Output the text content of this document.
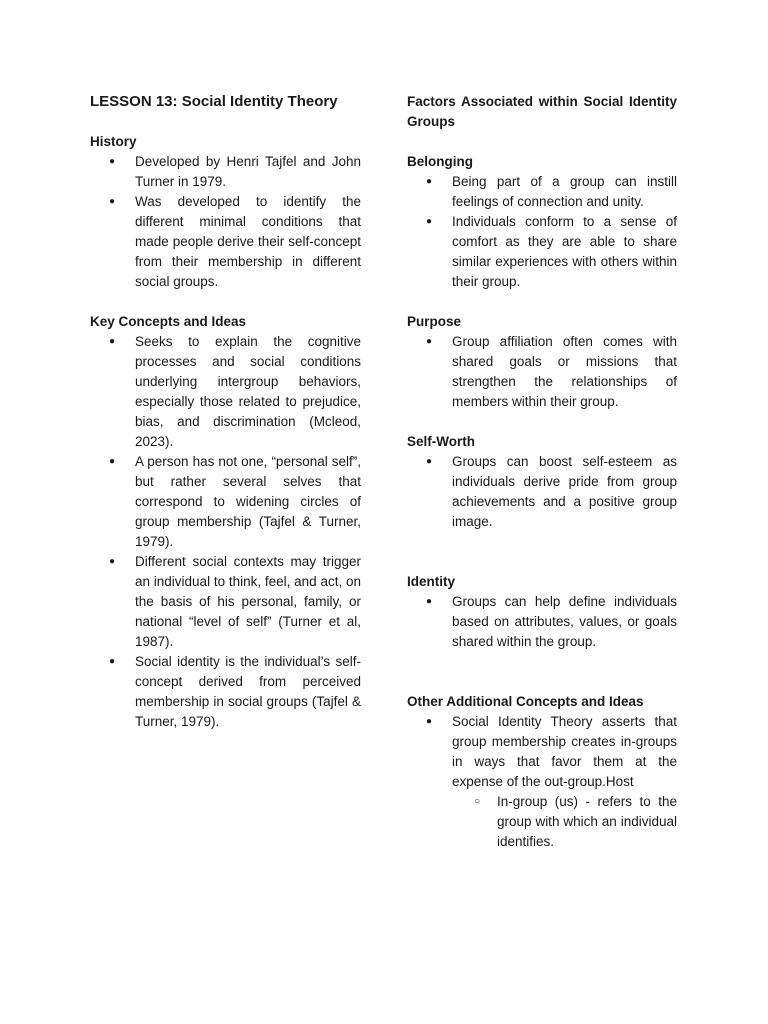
LESSON 13: Social Identity Theory

History

● Developed by Henri Tajfel and John Turner in 1979.
● Was developed to identify the different minimal conditions that made people derive their self-concept from their membership in different social groups.

Key Concepts and Ideas

● Seeks to explain the cognitive processes and social conditions underlying intergroup behaviors, especially those related to prejudice, bias, and discrimination (Mcleod, 2023).
● A person has not one, “personal self”, but rather several selves that correspond to widening circles of group membership (Tajfel & Turner, 1979).
● Different social contexts may trigger an individual to think, feel, and act, on the basis of his personal, family, or national “level of self” (Turner et al, 1987).
● Social identity is the individual’s self-concept derived from perceived membership in social groups (Tajfel & Turner, 1979).

Factors Associated within Social Identity Groups

Belonging

● Being part of a group can instill feelings of connection and unity.
● Individuals conform to a sense of comfort as they are able to share similar experiences with others within their group.

Purpose

● Group affiliation often comes with shared goals or missions that strengthen the relationships of members within their group.

Self-Worth

● Groups can boost self-esteem as individuals derive pride from group achievements and a positive group image.

Identity

● Groups can help define individuals based on attributes, values, or goals shared within the group.

Other Additional Concepts and Ideas

● Social Identity Theory asserts that group membership creates in-groups in ways that favor them at the expense of the out-group.Host
○ In-group (us) - refers to the group with which an individual identifies.
